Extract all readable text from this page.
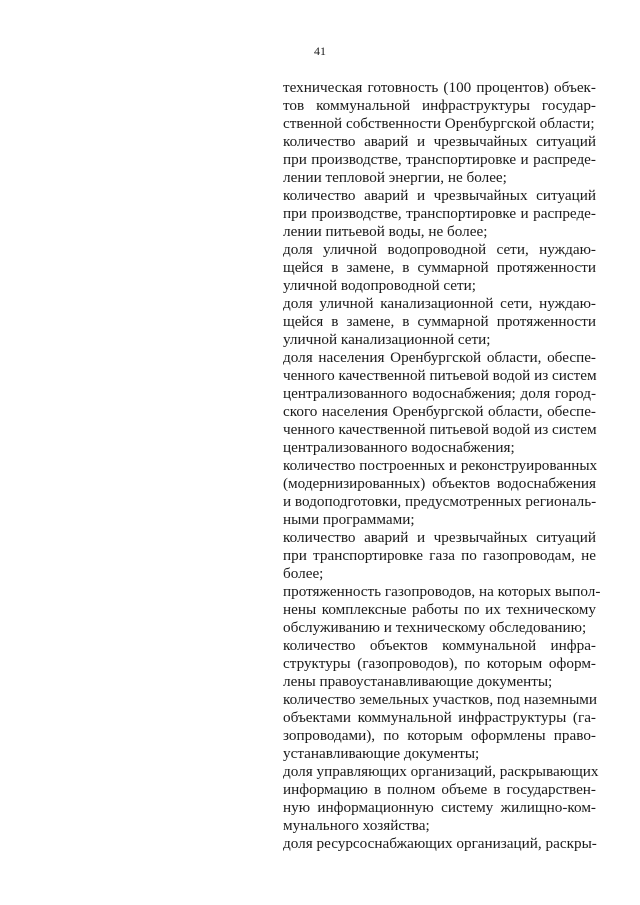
41
техническая готовность (100 процентов) объек-
тов коммунальной инфраструктуры государ-
ственной собственности Оренбургской области;
количество аварий и чрезвычайных ситуаций
при производстве, транспортировке и распреде-
лении тепловой энергии, не более;
количество аварий и чрезвычайных ситуаций
при производстве, транспортировке и распреде-
лении питьевой воды, не более;
доля уличной водопроводной сети, нуждаю-
щейся в замене, в суммарной протяженности
уличной водопроводной сети;
доля уличной канализационной сети, нуждаю-
щейся в замене, в суммарной протяженности
уличной канализационной сети;
доля населения Оренбургской области, обеспе-
ченного качественной питьевой водой из систем
централизованного водоснабжения; доля город-
ского населения Оренбургской области, обеспе-
ченного качественной питьевой водой из систем
централизованного водоснабжения;
количество построенных и реконструированных
(модернизированных) объектов водоснабжения
и водоподготовки, предусмотренных региональ-
ными программами;
количество аварий и чрезвычайных ситуаций
при транспортировке газа по газопроводам, не
более;
протяженность газопроводов, на которых выпол-
нены комплексные работы по их техническому
обслуживанию и техническому обследованию;
количество объектов коммунальной инфра-
структуры (газопроводов), по которым оформ-
лены правоустанавливающие документы;
количество земельных участков, под наземными
объектами коммунальной инфраструктуры (га-
зопроводами), по которым оформлены право-
устанавливающие документы;
доля управляющих организаций, раскрывающих
информацию в полном объеме в государствен-
ную информационную систему жилищно-ком-
мунального хозяйства;
доля ресурсоснабжающих организаций, раскры-
